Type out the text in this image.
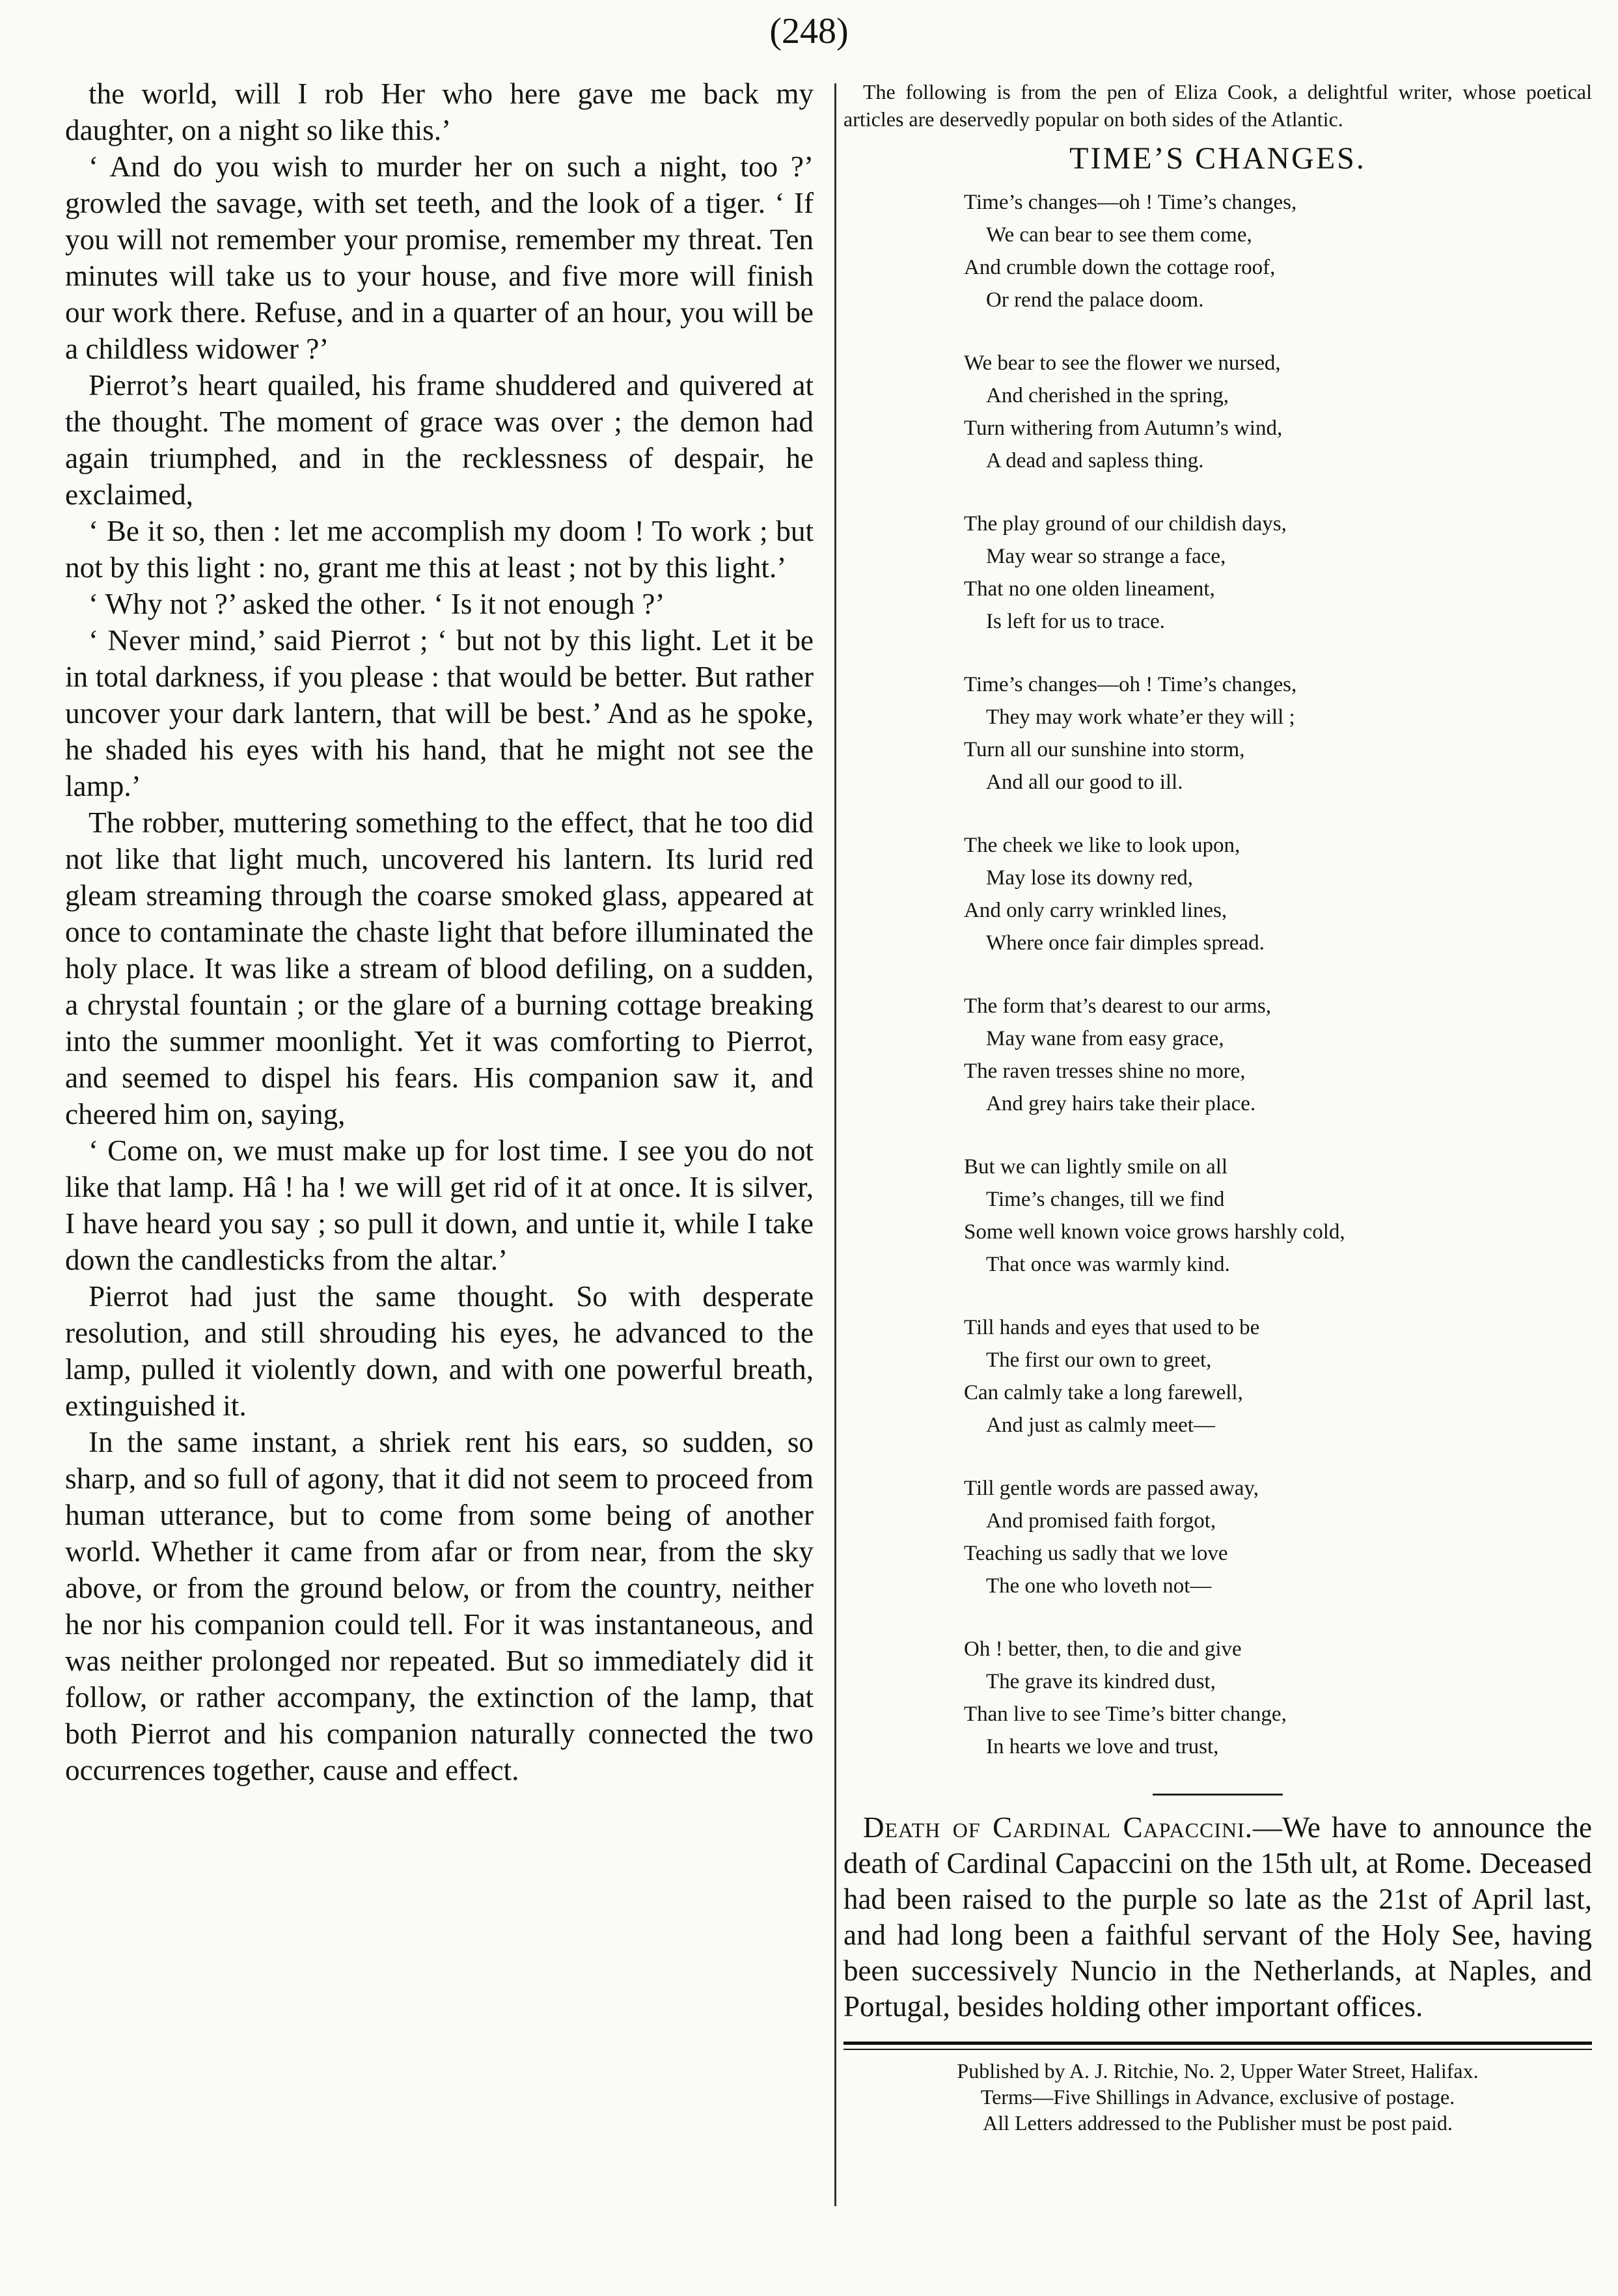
(248)

the world, will I rob Her who here gave me back my daughter, on a night so like this.’

‘ And do you wish to murder her on such a night, too ?’ growled the savage, with set teeth, and the look of a tiger. ‘ If you will not remember your promise, remember my threat. Ten minutes will take us to your house, and five more will finish our work there. Refuse, and in a quarter of an hour, you will be a childless widower ?’

Pierrot’s heart quailed, his frame shuddered and quivered at the thought. The moment of grace was over ; the demon had again triumphed, and in the recklessness of despair, he exclaimed,

‘ Be it so, then : let me accomplish my doom ! To work ; but not by this light : no, grant me this at least ; not by this light.’

‘ Why not ?’ asked the other. ‘ Is it not enough ?’

‘ Never mind,’ said Pierrot ; ‘ but not by this light. Let it be in total darkness, if you please : that would be better. But rather uncover your dark lantern, that will be best.’ And as he spoke, he shaded his eyes with his hand, that he might not see the lamp.’

The robber, muttering something to the effect, that he too did not like that light much, uncovered his lantern. Its lurid red gleam streaming through the coarse smoked glass, appeared at once to contaminate the chaste light that before illuminated the holy place. It was like a stream of blood defiling, on a sudden, a chrystal fountain ; or the glare of a burning cottage breaking into the summer moonlight. Yet it was comforting to Pierrot, and seemed to dispel his fears. His companion saw it, and cheered him on, saying,

‘ Come on, we must make up for lost time. I see you do not like that lamp. Hâ ! ha ! we will get rid of it at once. It is silver, I have heard you say ; so pull it down, and untie it, while I take down the candlesticks from the altar.’

Pierrot had just the same thought. So with desperate resolution, and still shrouding his eyes, he advanced to the lamp, pulled it violently down, and with one powerful breath, extinguished it.

In the same instant, a shriek rent his ears, so sudden, so sharp, and so full of agony, that it did not seem to proceed from human utterance, but to come from some being of another world. Whether it came from afar or from near, from the sky above, or from the ground below, or from the country, neither he nor his companion could tell. For it was instantaneous, and was neither prolonged nor repeated. But so immediately did it follow, or rather accompany, the extinction of the lamp, that both Pierrot and his companion naturally connected the two occurrences together, cause and effect.

The following is from the pen of Eliza Cook, a delightful writer, whose poetical articles are deservedly popular on both sides of the Atlantic.

TIME’S CHANGES.
Time’s changes—oh ! Time’s changes,
We can bear to see them come,
And crumble down the cottage roof,
Or rend the palace doom.
We bear to see the flower we nursed,
And cherished in the spring,
Turn withering from Autumn’s wind,
A dead and sapless thing.
The play ground of our childish days,
May wear so strange a face,
That no one olden lineament,
Is left for us to trace.
Time’s changes—oh ! Time’s changes,
They may work whate’er they will ;
Turn all our sunshine into storm,
And all our good to ill.
The cheek we like to look upon,
May lose its downy red,
And only carry wrinkled lines,
Where once fair dimples spread.
The form that’s dearest to our arms,
May wane from easy grace,
The raven tresses shine no more,
And grey hairs take their place.
But we can lightly smile on all
Time’s changes, till we find
Some well known voice grows harshly cold,
That once was warmly kind.
Till hands and eyes that used to be
The first our own to greet,
Can calmly take a long farewell,
And just as calmly meet—
Till gentle words are passed away,
And promised faith forgot,
Teaching us sadly that we love
The one who loveth not—
Oh ! better, then, to die and give
The grave its kindred dust,
Than live to see Time’s bitter change,
In hearts we love and trust,

Death of Cardinal Capaccini.—We have to announce the death of Cardinal Capaccini on the 15th ult, at Rome. Deceased had been raised to the purple so late as the 21st of April last, and had long been a faithful servant of the Holy See, having been successively Nuncio in the Netherlands, at Naples, and Portugal, besides holding other important offices.

Published by A. J. Ritchie, No. 2, Upper Water Street, Halifax.
Terms—Five Shillings in Advance, exclusive of postage.
All Letters addressed to the Publisher must be post paid.
